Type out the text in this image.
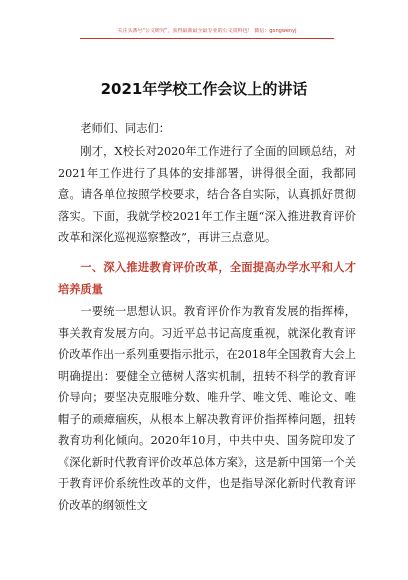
关注头条号“公文研究”，获得最新最全最专业的公文资料包！ 微信：gongwenyj
2021年学校工作会议上的讲话

老师们、同志们：

刚才，X校长对2020年工作进行了全面的回顾总结，对2021年工作进行了具体的安排部署，讲得很全面，我都同意。请各单位按照学校要求，结合各自实际，认真抓好贯彻落实。下面，我就学校2021年工作主题“深入推进教育评价改革和深化巡视巡察整改”，再讲三点意见。

一、深入推进教育评价改革，全面提高办学水平和人才培养质量

一要统一思想认识。教育评价作为教育发展的指挥棒，事关教育发展方向。习近平总书记高度重视，就深化教育评价改革作出一系列重要指示批示，在2018年全国教育大会上明确提出：要健全立德树人落实机制，扭转不科学的教育评价导向；要坚决克服唯分数、唯升学、唯文凭、唯论文、唯帽子的顽瘴痼疾，从根本上解决教育评价指挥棒问题，扭转教育功利化倾向。2020年10月，中共中央、国务院印发了《深化新时代教育评价改革总体方案》，这是新中国第一个关于教育评价系统性改革的文件，也是指导深化新时代教育评价改革的纲领性文
